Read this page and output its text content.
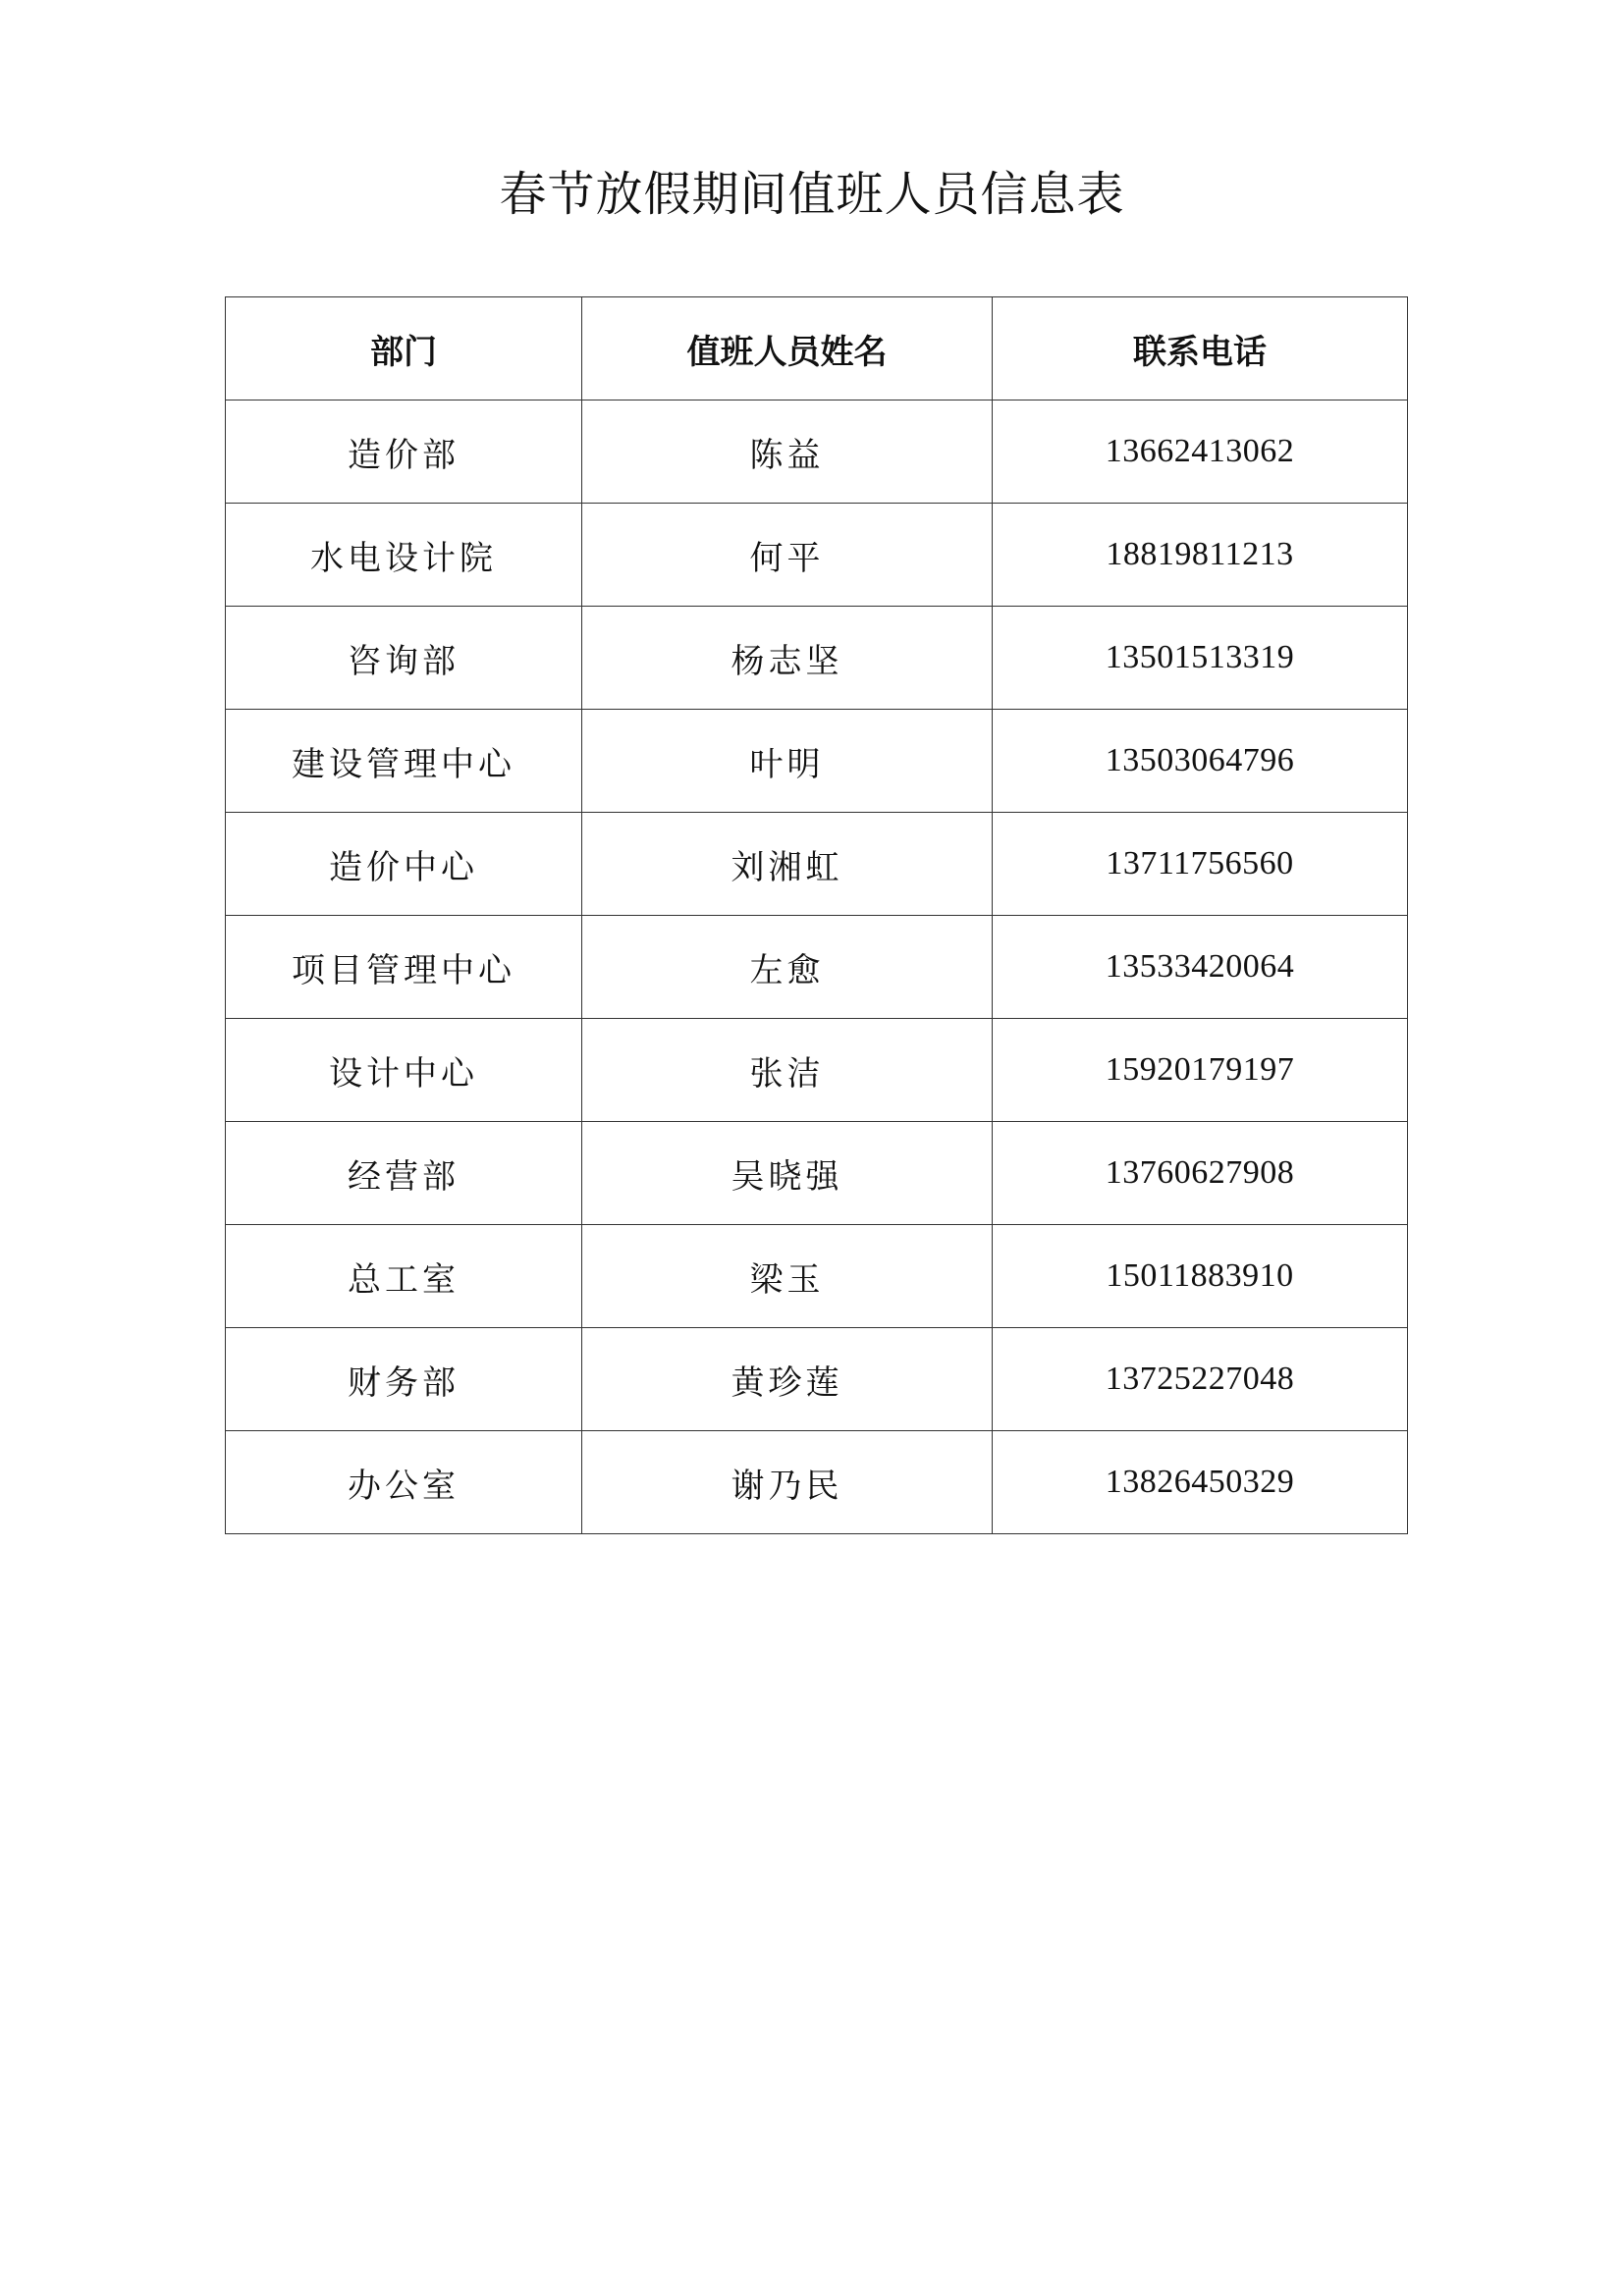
春节放假期间值班人员信息表
部门	值班人员姓名	联系电话
造价部	陈益	13662413062
水电设计院	何平	18819811213
咨询部	杨志坚	13501513319
建设管理中心	叶明	13503064796
造价中心	刘湘虹	13711756560
项目管理中心	左愈	13533420064
设计中心	张洁	15920179197
经营部	吴晓强	13760627908
总工室	梁玉	15011883910
财务部	黄珍莲	13725227048
办公室	谢乃民	13826450329
